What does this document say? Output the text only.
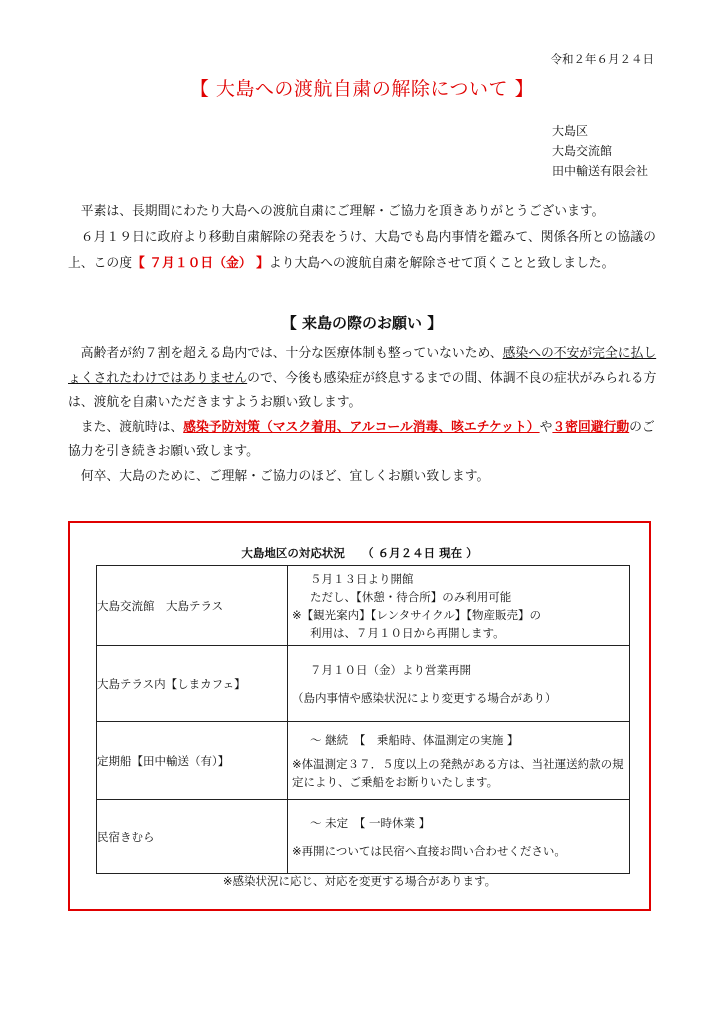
令和２年６月２４日
【 大島への渡航自粛の解除について 】
大島区
大島交流館
田中輸送有限会社

平素は、長期間にわたり大島への渡航自粛にご理解・ご協力を頂きありがとうございます。

６月１９日に政府より移動自粛解除の発表をうけ、大島でも島内事情を鑑みて、関係各所との協議の上、この度【 ７月１０日（金） 】より大島への渡航自粛を解除させて頂くことと致しました。

【 来島の際のお願い 】

高齢者が約７割を超える島内では、十分な医療体制も整っていないため、感染への不安が完全に払しょくされたわけではありませんので、今後も感染症が終息するまでの間、体調不良の症状がみられる方は、渡航を自粛いただきますようお願い致します。

また、渡航時は、感染予防対策（マスク着用、アルコール消毒、咳エチケット）や３密回避行動のご協力を引き続きお願い致します。

何卒、大島のために、ご理解・ご協力のほど、宜しくお願い致します。

大島地区の対応状況　　（ ６月２４日 現在 ）
大島交流館　大島テラス	５月１３日より開館
ただし、【休憩・待合所】のみ利用可能
※【観光案内】【レンタサイクル】【物産販売】の
利用は、７月１０日から再開します。

大島テラス内【しまカフェ】	７月１０日（金）より営業再開
（島内事情や感染状況により変更する場合があり）

定期船【田中輸送（有）】	～ 継続　【　乗船時、体温測定の実施 】
※体温測定３７．５度以上の発熱がある方は、当社運送約款の規定により、ご乗船をお断りいたします。

民宿きむら	～ 未定　【 一時休業 】
※再開については民宿へ直接お問い合わせください。
※感染状況に応じ、対応を変更する場合があります。
